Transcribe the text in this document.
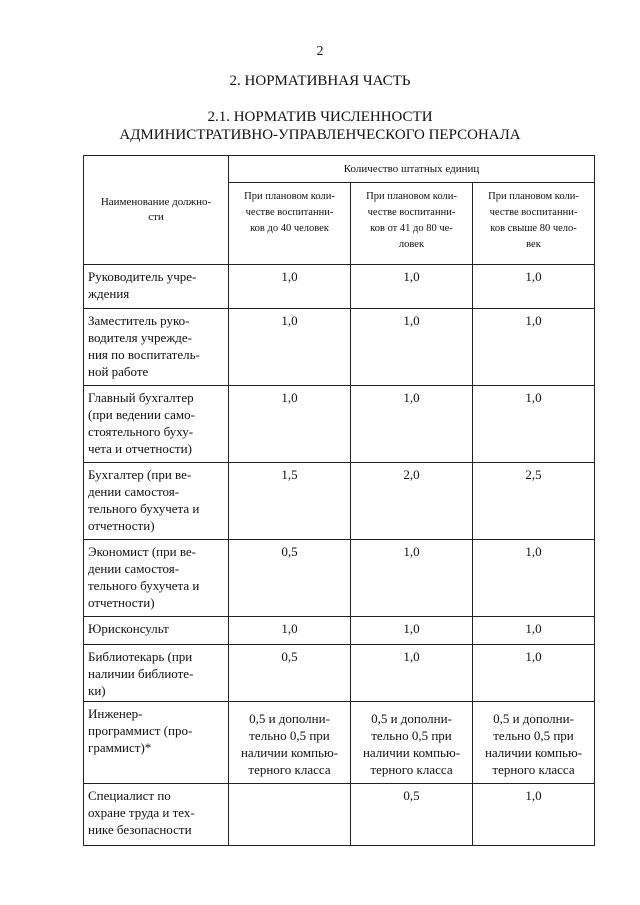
2
2. НОРМАТИВНАЯ ЧАСТЬ
2.1. НОРМАТИВ ЧИСЛЕННОСТИ
АДМИНИСТРАТИВНО-УПРАВЛЕНЧЕСКОГО ПЕРСОНАЛА
Наименование должно-
сти	Количество штатных единиц		
	При плановом коли-
честве воспитанни-
ков до 40 человек	При плановом коли-
честве воспитанни-
ков от 41 до 80 че-
ловек	При плановом коли-
честве воспитанни-
ков свыше 80 чело-
век
Руководитель учре-
ждения	1,0	1,0	1,0
Заместитель руко-
водителя учрежде-
ния по воспитатель-
ной работе	1,0	1,0	1,0
Главный бухгалтер
(при ведении само-
стоятельного буху-
чета и отчетности)	1,0	1,0	1,0
Бухгалтер (при ве-
дении самостоя-
тельного бухучета и
отчетности)	1,5	2,0	2,5
Экономист (при ве-
дении самостоя-
тельного бухучета и
отчетности)	0,5	1,0	1,0
Юрисконсульт	1,0	1,0	1,0
Библиотекарь (при
наличии библиоте-
ки)	0,5	1,0	1,0
Инженер-
программист (про-
граммист)*	0,5 и дополни-
тельно 0,5 при
наличии компью-
терного класса	0,5 и дополни-
тельно 0,5 при
наличии компью-
терного класса	0,5 и дополни-
тельно 0,5 при
наличии компью-
терного класса
Специалист по
охране труда и тех-
нике безопасности		0,5	1,0
